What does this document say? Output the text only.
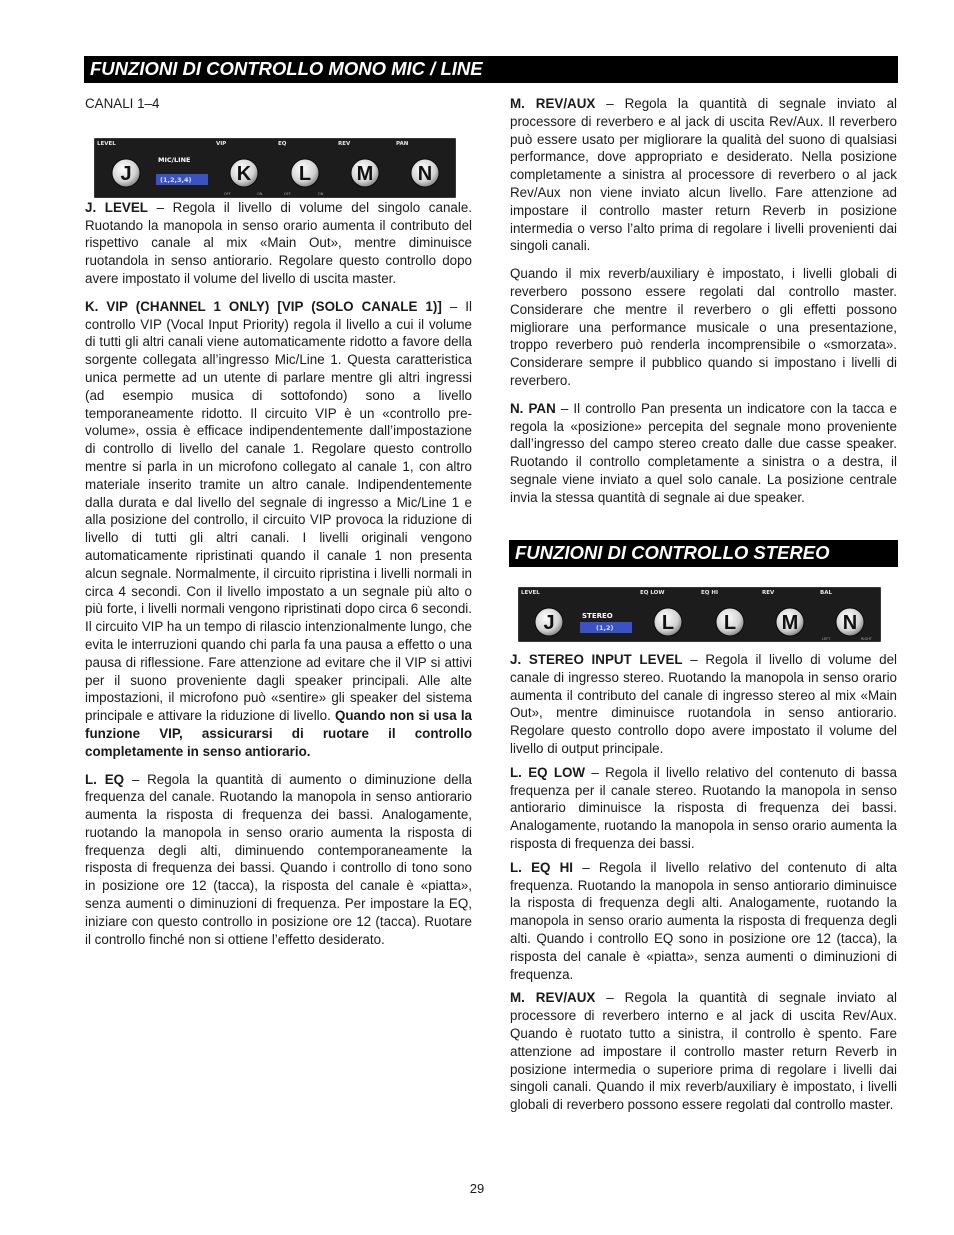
FUNZIONI DI CONTROLLO MONO MIC / LINE

CANALI 1–4

J. LEVEL – Regola il livello di volume del singolo canale. Ruotando la manopola in senso orario aumenta il contributo del rispettivo canale al mix «Main Out», mentre diminuisce ruotandola in senso antiorario. Regolare questo controllo dopo avere impostato il volume del livello di uscita master.

K. VIP (CHANNEL 1 ONLY) [VIP (SOLO CANALE 1)] – Il controllo VIP (Vocal Input Priority) regola il livello a cui il volume di tutti gli altri canali viene automaticamente ridotto a favore della sorgente collegata all’ingresso Mic/Line 1. Questa caratteristica unica permette ad un utente di parlare mentre gli altri ingressi (ad esempio musica di sottofondo) sono a livello temporaneamente ridotto. Il circuito VIP è un «controllo pre-volume», ossia è efficace indipendentemente dall’impostazione di controllo di livello del canale 1. Regolare questo controllo mentre si parla in un microfono collegato al canale 1, con altro materiale inserito tramite un altro canale. Indipendentemente dalla durata e dal livello del segnale di ingresso a Mic/Line 1 e alla posizione del controllo, il circuito VIP provoca la riduzione di livello di tutti gli altri canali. I livelli originali vengono automaticamente ripristinati quando il canale 1 non presenta alcun segnale. Normalmente, il circuito ripristina i livelli normali in circa 4 secondi. Con il livello impostato a un segnale più alto o più forte, i livelli normali vengono ripristinati dopo circa 6 secondi. Il circuito VIP ha un tempo di rilascio intenzionalmente lungo, che evita le interruzioni quando chi parla fa una pausa a effetto o una pausa di riflessione. Fare attenzione ad evitare che il VIP si attivi per il suono proveniente dagli speaker principali. Alle alte impostazioni, il microfono può «sentire» gli speaker del sistema principale e attivare la riduzione di livello. Quando non si usa la funzione VIP, assicurarsi di ruotare il controllo completamente in senso antiorario.

L. EQ – Regola la quantità di aumento o diminuzione della frequenza del canale. Ruotando la manopola in senso antiorario aumenta la risposta di frequenza dei bassi. Analogamente, ruotando la manopola in senso orario aumenta la risposta di frequenza degli alti, diminuendo contemporaneamente la risposta di frequenza dei bassi. Quando i controllo di tono sono in posizione ore 12 (tacca), la risposta del canale è «piatta», senza aumenti o diminuzioni di frequenza. Per impostare la EQ, iniziare con questo controllo in posizione ore 12 (tacca). Ruotare il controllo finché non si ottiene l’effetto desiderato.

M. REV/AUX – Regola la quantità di segnale inviato al processore di reverbero e al jack di uscita Rev/Aux. Il reverbero può essere usato per migliorare la qualità del suono di qualsiasi performance, dove appropriato e desiderato. Nella posizione completamente a sinistra al processore di reverbero o al jack Rev/Aux non viene inviato alcun livello. Fare attenzione ad impostare il controllo master return Reverb in posizione intermedia o verso l’alto prima di regolare i livelli provenienti dai singoli canali.

Quando il mix reverb/auxiliary è impostato, i livelli globali di reverbero possono essere regolati dal controllo master. Considerare che mentre il reverbero o gli effetti possono migliorare una performance musicale o una presentazione, troppo reverbero può renderla incomprensibile o «smorzata». Considerare sempre il pubblico quando si impostano i livelli di reverbero.

N. PAN – Il controllo Pan presenta un indicatore con la tacca e regola la «posizione» percepita del segnale mono proveniente dall’ingresso del campo stereo creato dalle due casse speaker. Ruotando il controllo completamente a sinistra o a destra, il segnale viene inviato a quel solo canale. La posizione centrale invia la stessa quantità di segnale ai due speaker.

LEVEL	VIP	EQ	REV	PAN
MIC/LINE
(1,2,3,4)
J	K L M N
OFF	ON	OFF	ON
FUNZIONI DI CONTROLLO STEREO
LEVEL	EQ LOW	EQ HI	REV	BAL
STEREO
(1,2)
J	L L M N
LEFT	RIGHT

J. STEREO INPUT LEVEL – Regola il livello di volume del canale di ingresso stereo. Ruotando la manopola in senso orario aumenta il contributo del canale di ingresso stereo al mix «Main Out», mentre diminuisce ruotandola in senso antiorario. Regolare questo controllo dopo avere impostato il volume del livello di output principale.

L. EQ LOW – Regola il livello relativo del contenuto di bassa frequenza per il canale stereo. Ruotando la manopola in senso antiorario diminuisce la risposta di frequenza dei bassi. Analogamente, ruotando la manopola in senso orario aumenta la risposta di frequenza dei bassi.

L. EQ HI – Regola il livello relativo del contenuto di alta frequenza. Ruotando la manopola in senso antiorario diminuisce la risposta di frequenza degli alti. Analogamente, ruotando la manopola in senso orario aumenta la risposta di frequenza degli alti. Quando i controllo EQ sono in posizione ore 12 (tacca), la risposta del canale è «piatta», senza aumenti o diminuzioni di frequenza.

M. REV/AUX – Regola la quantità di segnale inviato al processore di reverbero interno e al jack di uscita Rev/Aux. Quando è ruotato tutto a sinistra, il controllo è spento. Fare attenzione ad impostare il controllo master return Reverb in posizione intermedia o superiore prima di regolare i livelli dai singoli canali. Quando il mix reverb/auxiliary è impostato, i livelli globali di reverbero possono essere regolati dal controllo master.

29
